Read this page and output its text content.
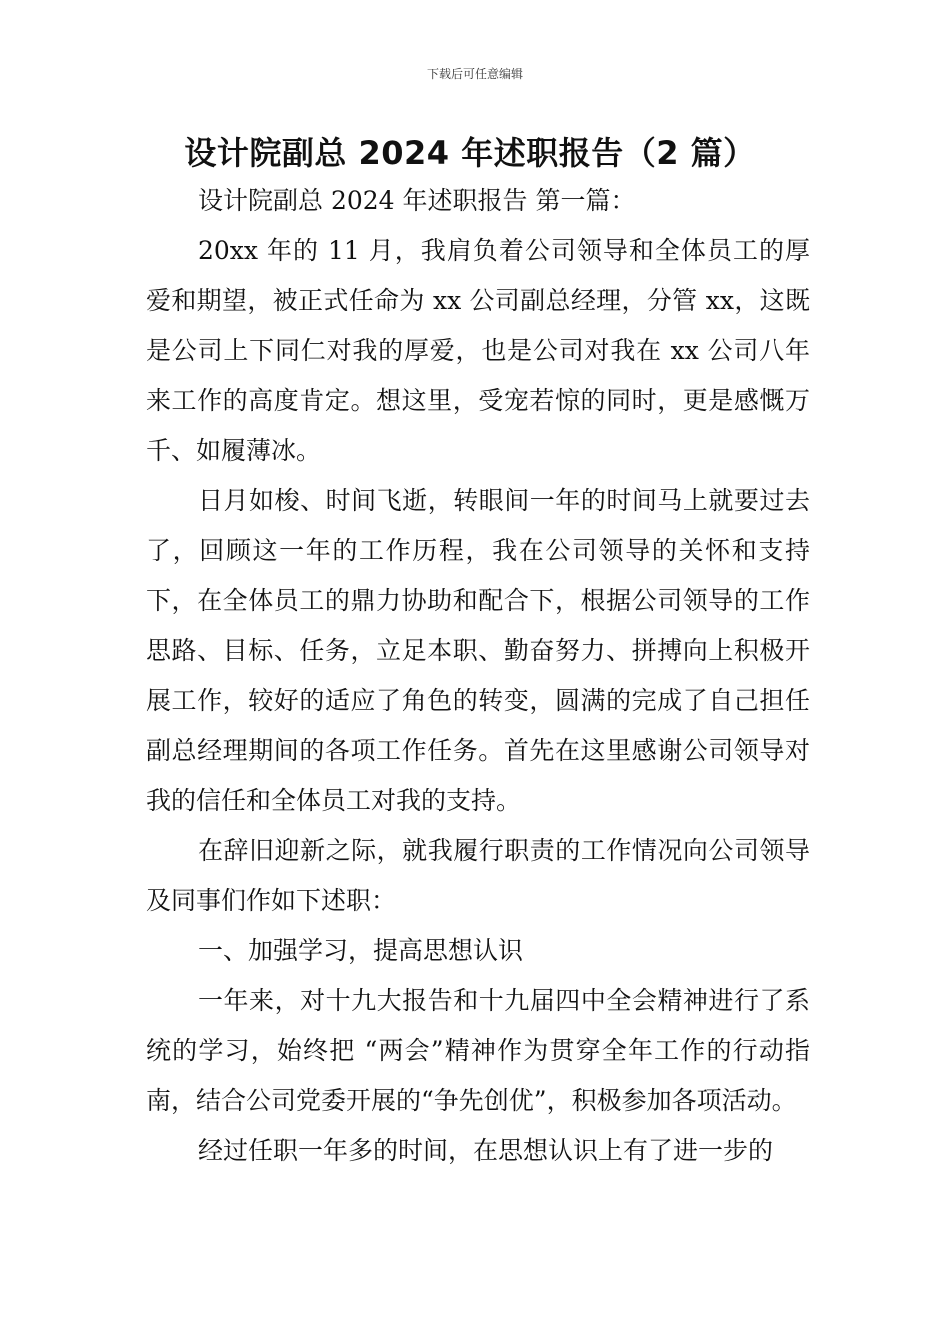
下载后可任意编辑
设计院副总 2024 年述职报告（2 篇）

设计院副总 2024 年述职报告 第一篇：

20xx 年的 11 月，我肩负着公司领导和全体员工的厚爱和期望，被正式任命为 xx 公司副总经理，分管 xx，这既是公司上下同仁对我的厚爱，也是公司对我在 xx 公司八年来工作的高度肯定。想这里，受宠若惊的同时，更是感慨万千、如履薄冰。

日月如梭、时间飞逝，转眼间一年的时间马上就要过去了，回顾这一年的工作历程，我在公司领导的关怀和支持下，在全体员工的鼎力协助和配合下，根据公司领导的工作思路、目标、任务，立足本职、勤奋努力、拼搏向上积极开展工作，较好的适应了角色的转变，圆满的完成了自己担任副总经理期间的各项工作任务。首先在这里感谢公司领导对我的信任和全体员工对我的支持。

在辞旧迎新之际，就我履行职责的工作情况向公司领导及同事们作如下述职：

一、加强学习，提高思想认识

一年来，对十九大报告和十九届四中全会精神进行了系统的学习，始终把 “两会”精神作为贯穿全年工作的行动指南，结合公司党委开展的“争先创优”，积极参加各项活动。

经过任职一年多的时间，在思想认识上有了进一步的
